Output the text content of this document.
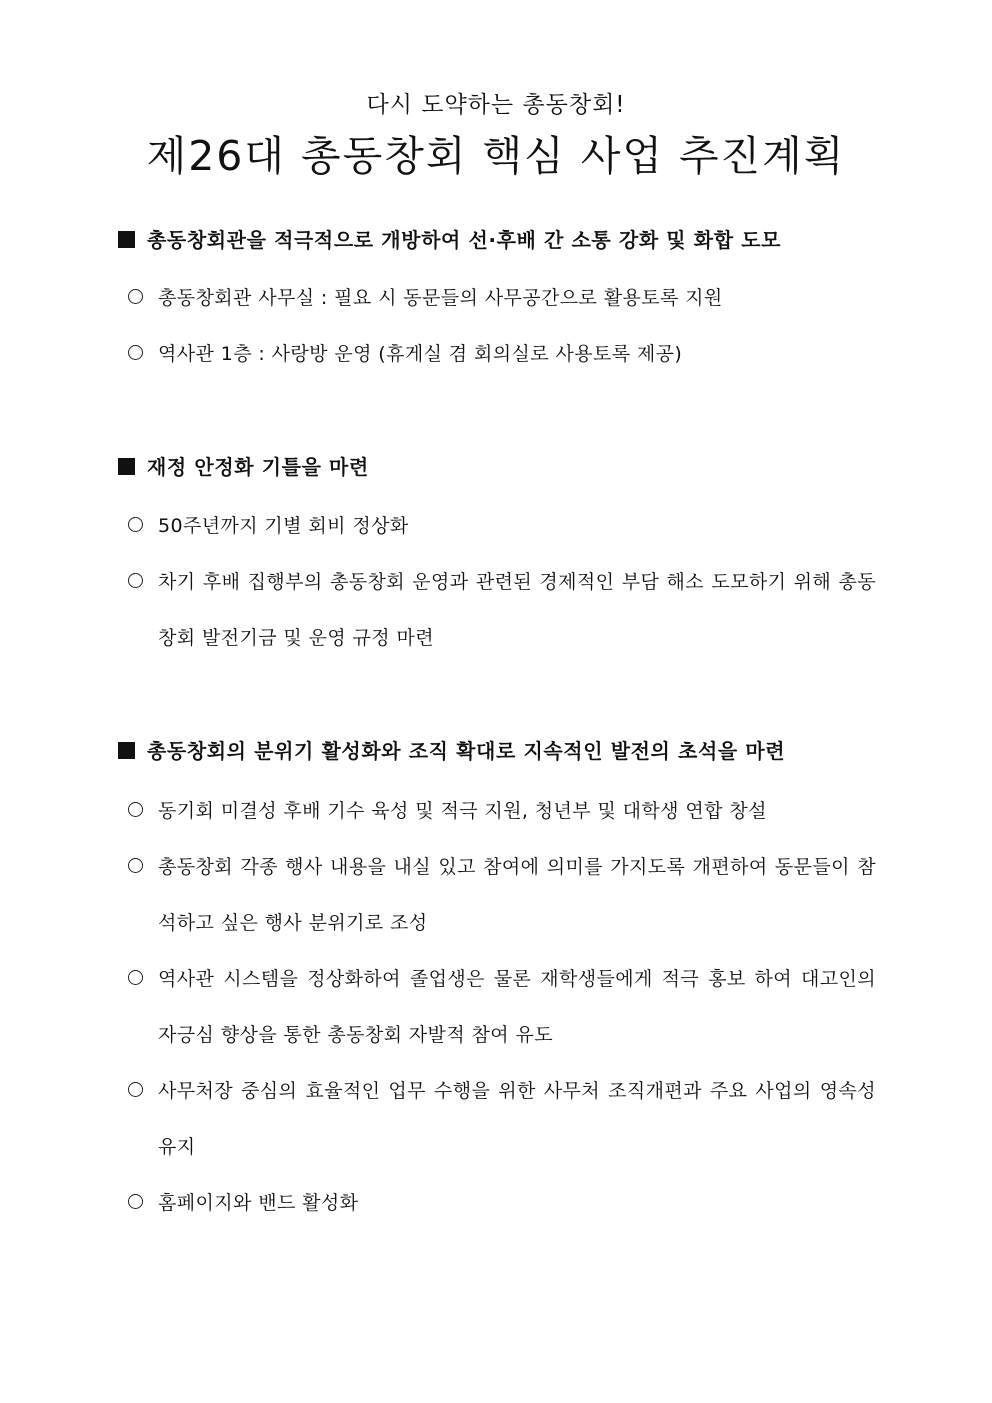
다시 도약하는 총동창회!
제26대 총동창회 핵심 사업 추진계획
총동창회관을 적극적으로 개방하여 선·후배 간 소통 강화 및 화합 도모
총동창회관 사무실 : 필요 시 동문들의 사무공간으로 활용토록 지원
역사관 1층 : 사랑방 운영 (휴게실 겸 회의실로 사용토록 제공)
재정 안정화 기틀을 마련
50주년까지 기별 회비 정상화
차기 후배 집행부의 총동창회 운영과 관련된 경제적인 부담 해소 도모하기 위해 총동창회 발전기금 및 운영 규정 마련
총동창회의 분위기 활성화와 조직 확대로 지속적인 발전의 초석을 마련
동기회 미결성 후배 기수 육성 및 적극 지원, 청년부 및 대학생 연합 창설
총동창회 각종 행사 내용을 내실 있고 참여에 의미를 가지도록 개편하여 동문들이 참석하고 싶은 행사 분위기로 조성
역사관 시스템을 정상화하여 졸업생은 물론 재학생들에게 적극 홍보 하여 대고인의 자긍심 향상을 통한 총동창회 자발적 참여 유도
사무처장 중심의 효율적인 업무 수행을 위한 사무처 조직개편과 주요 사업의 영속성 유지
홈페이지와 밴드 활성화
